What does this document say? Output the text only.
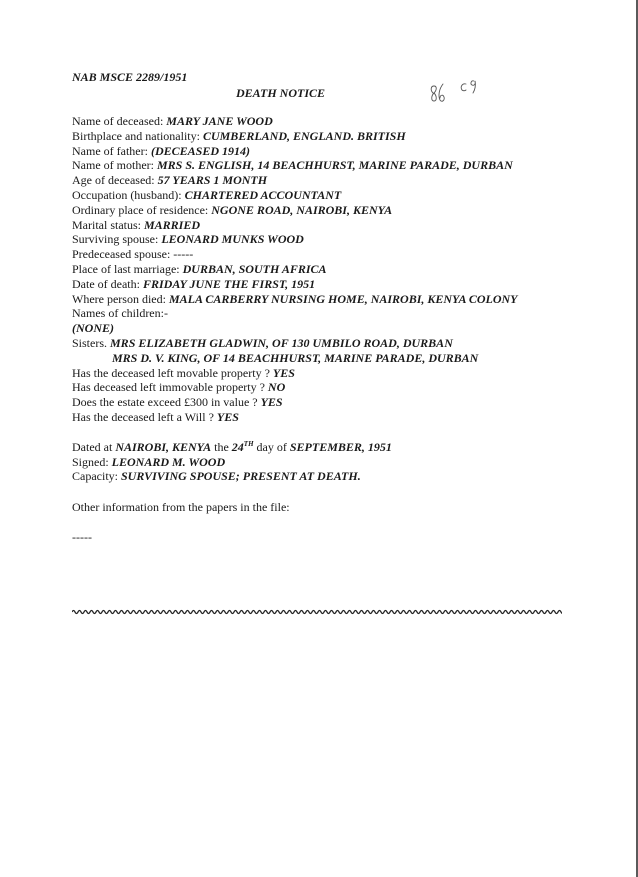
NAB MSCE 2289/1951
DEATH NOTICE
Name of deceased: MARY JANE WOOD
Birthplace and nationality: CUMBERLAND, ENGLAND. BRITISH
Name of father: (DECEASED 1914)
Name of mother: MRS S. ENGLISH, 14 BEACHHURST, MARINE PARADE, DURBAN
Age of deceased: 57 YEARS 1 MONTH
Occupation (husband): CHARTERED ACCOUNTANT
Ordinary place of residence: NGONE ROAD, NAIROBI, KENYA
Marital status: MARRIED
Surviving spouse: LEONARD MUNKS WOOD
Predeceased spouse: -----
Place of last marriage: DURBAN, SOUTH AFRICA
Date of death: FRIDAY JUNE THE FIRST, 1951
Where person died: MALA CARBERRY NURSING HOME, NAIROBI, KENYA COLONY
Names of children:-
(NONE)
Sisters. MRS ELIZABETH GLADWIN, OF 130 UMBILO ROAD, DURBAN
MRS D. V. KING, OF 14 BEACHHURST, MARINE PARADE, DURBAN
Has the deceased left movable property ? YES
Has deceased left immovable property ? NO
Does the estate exceed £300 in value ? YES
Has the deceased left a Will ? YES
Dated at NAIROBI, KENYA the 24TH day of SEPTEMBER, 1951
Signed: LEONARD M. WOOD
Capacity: SURVIVING SPOUSE; PRESENT AT DEATH.
Other information from the papers in the file:
-----
